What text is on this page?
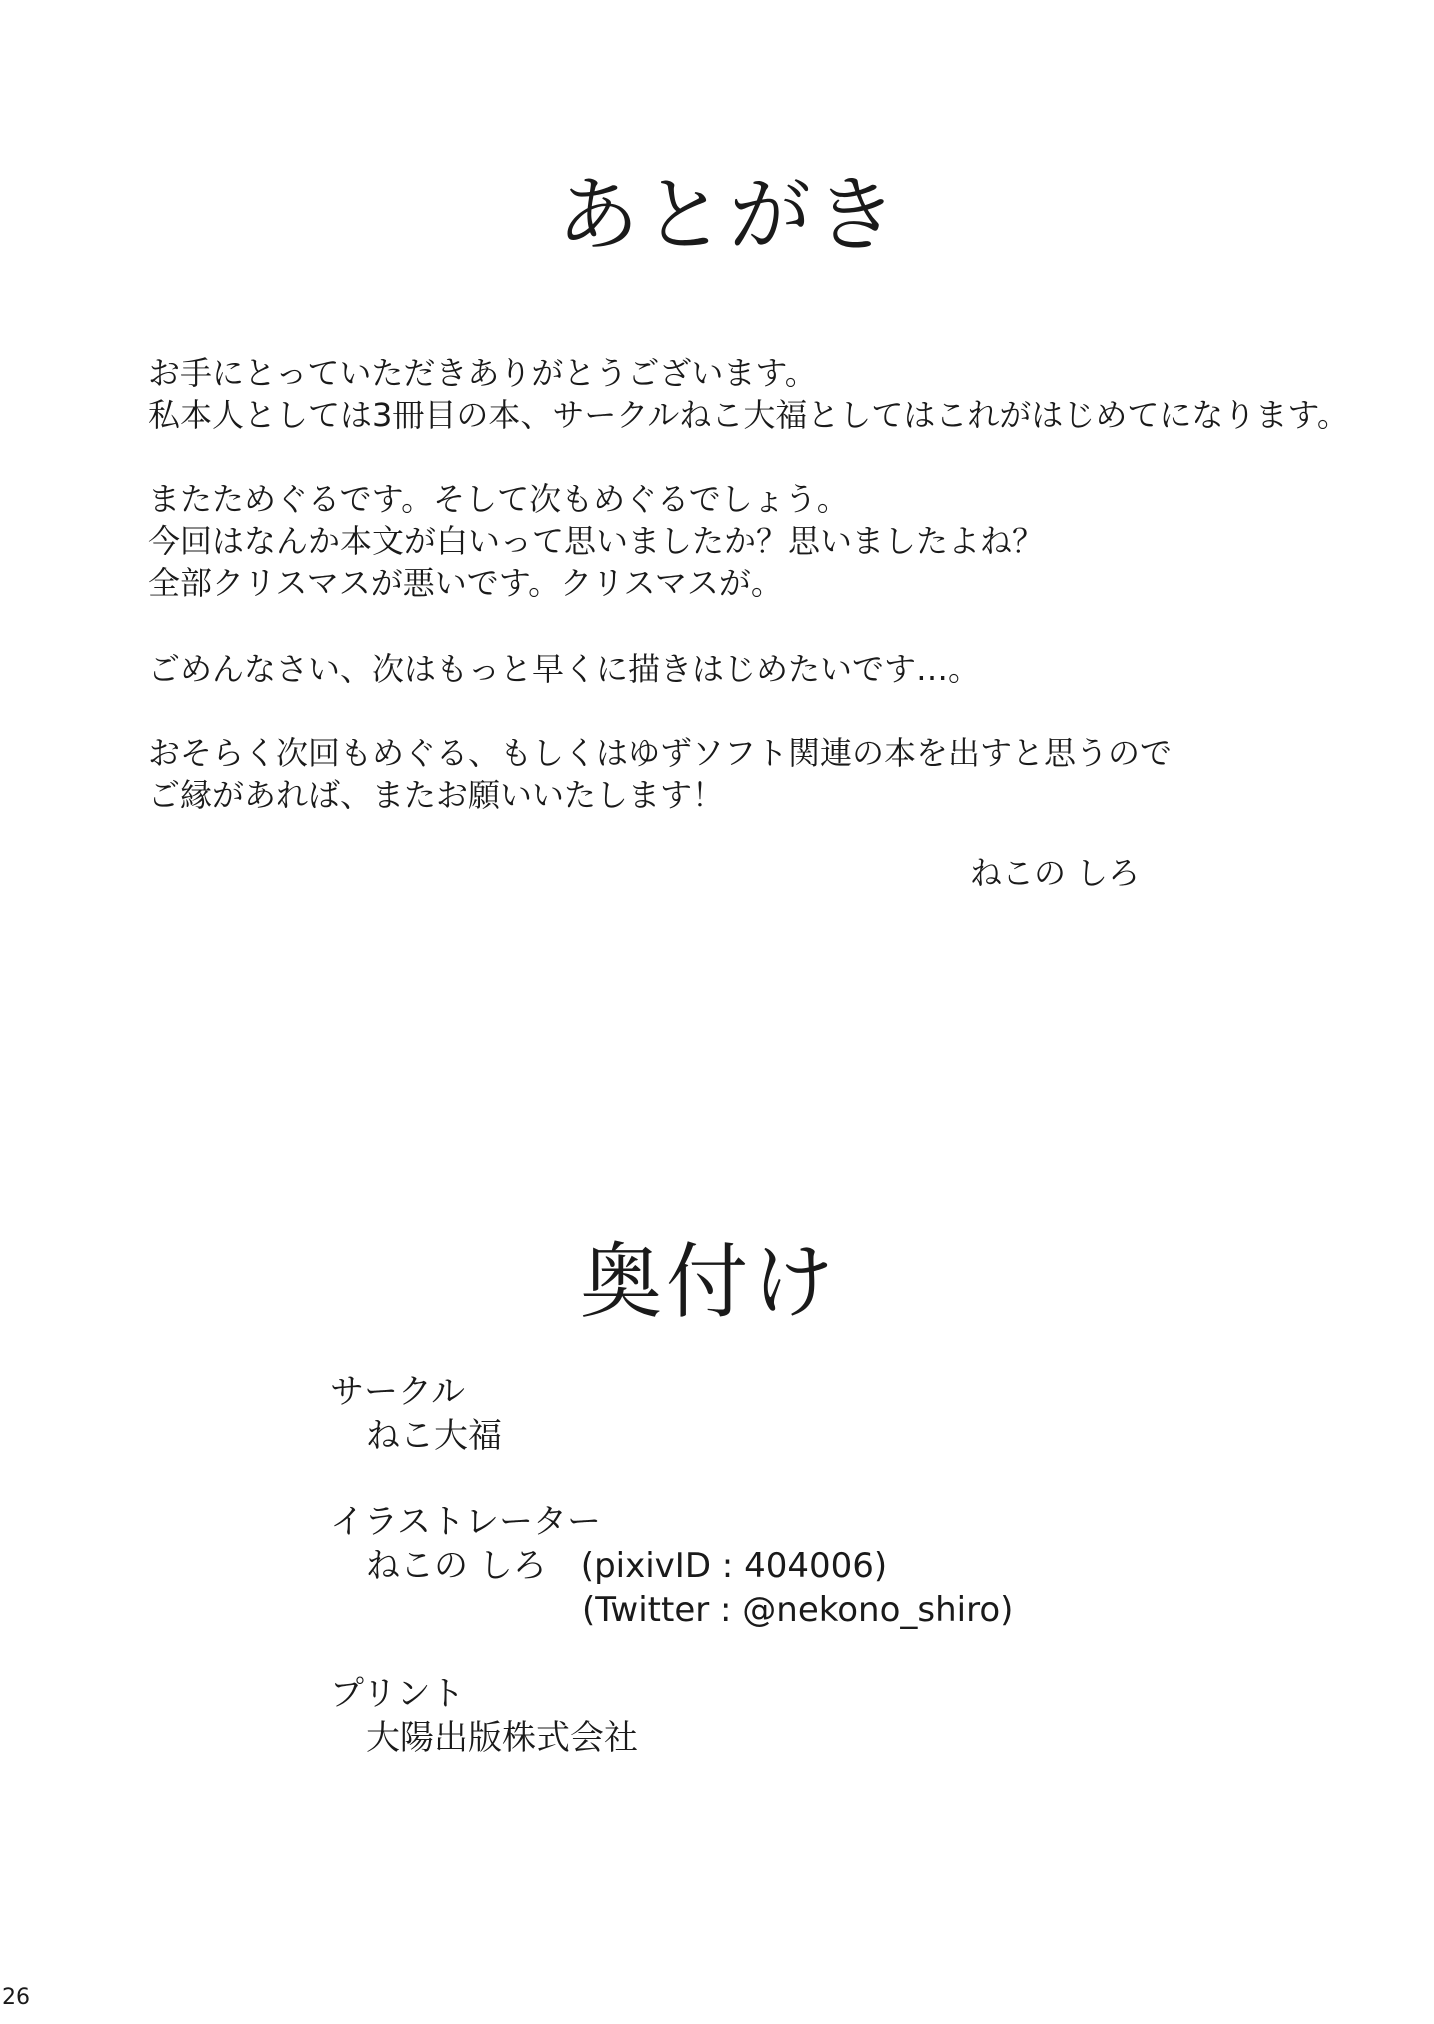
あとがき

お手にとっていただきありがとうございます。

私本人としては3冊目の本、サークルねこ大福としてはこれがはじめてになります。

またためぐるです。そして次もめぐるでしょう。

今回はなんか本文が白いって思いましたか？思いましたよね？

全部クリスマスが悪いです。クリスマスが。

ごめんなさい、次はもっと早くに描きはじめたいです…。

おそらく次回もめぐる、もしくはゆずソフト関連の本を出すと思うので

ご縁があれば、またお願いいたします！

ねこの しろ
奥付け
サークル
ねこ大福
イラストレーター
ねこの しろ　(pixivID : 404006)
(Twitter : @nekono_shiro)
プリント
大陽出版株式会社
26
